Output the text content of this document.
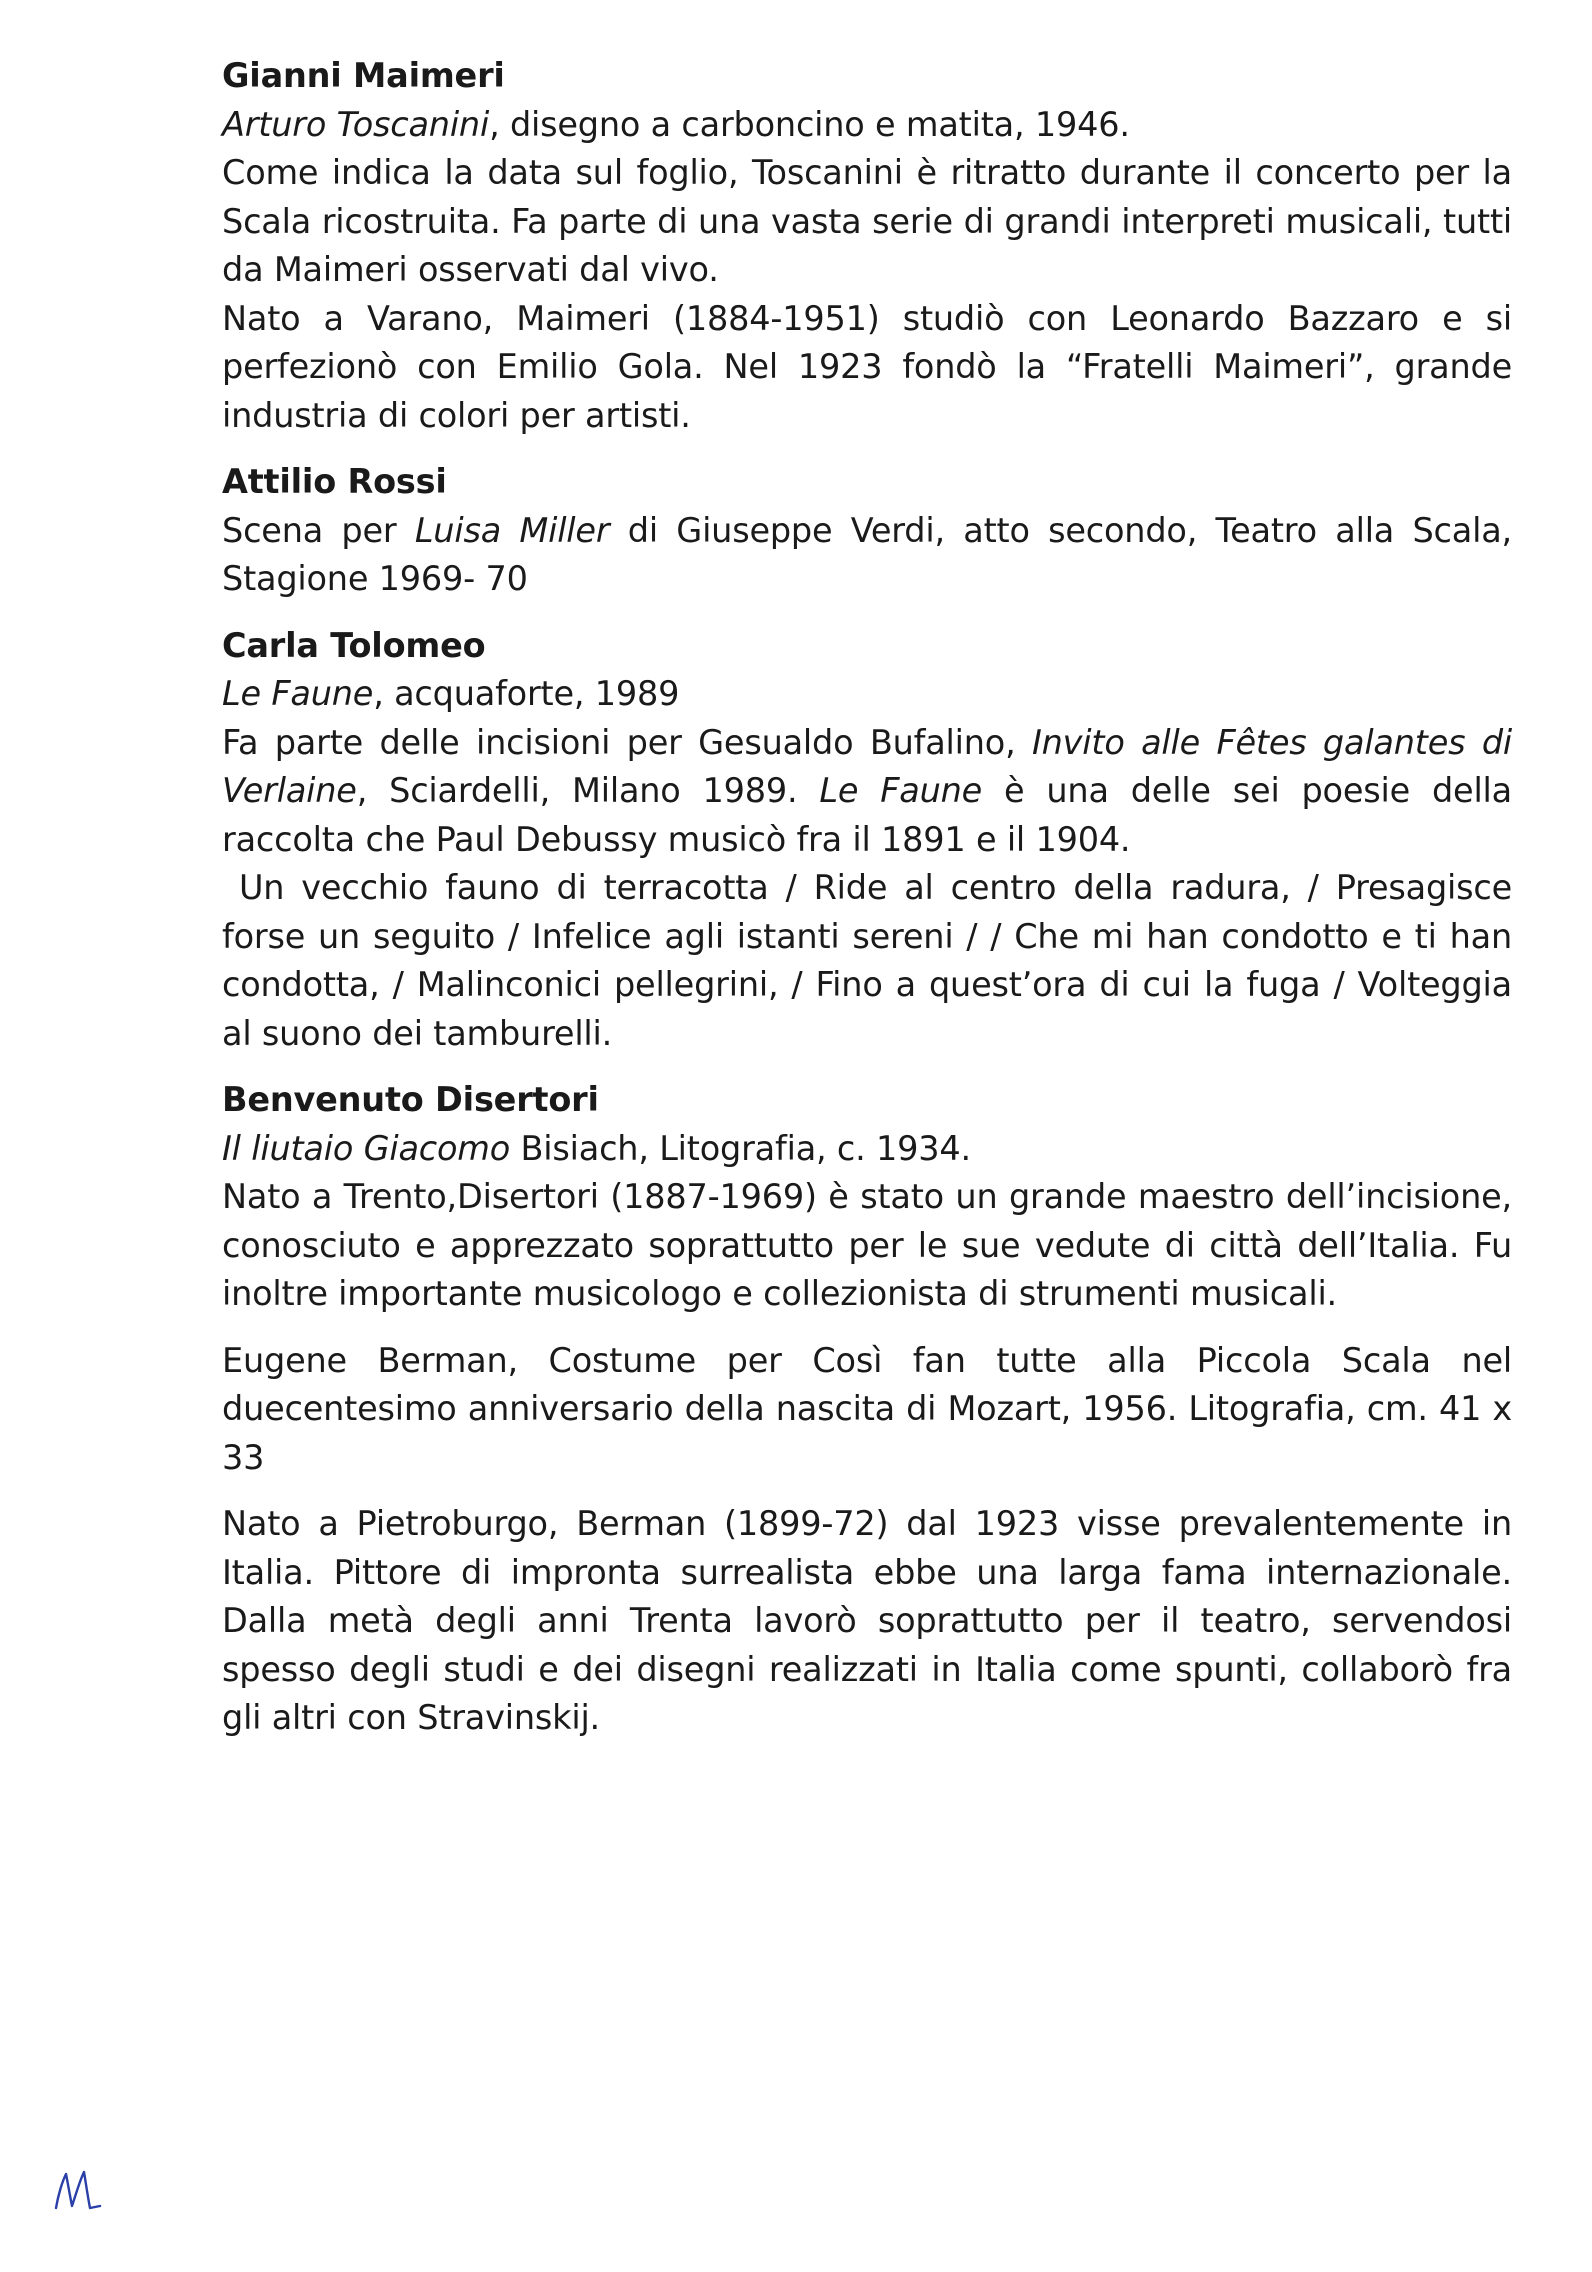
Gianni Maimeri

Arturo Toscanini, disegno a carboncino e matita, 1946.

Come indica la data sul foglio, Toscanini è ritratto durante il concerto per la Scala ricostruita. Fa parte di una vasta serie di grandi interpreti musicali, tutti da Maimeri osservati dal vivo.

Nato a Varano, Maimeri (1884-1951) studiò con Leonardo Bazzaro e si perfezionò con Emilio Gola. Nel 1923 fondò la “Fratelli Maimeri”, grande industria di colori per artisti.

Attilio Rossi

Scena per Luisa Miller di Giuseppe Verdi, atto secondo, Teatro alla Scala, Stagione 1969- 70

Carla Tolomeo

Le Faune, acquaforte, 1989

Fa parte delle incisioni per Gesualdo Bufalino, Invito alle Fêtes galantes di Verlaine, Sciardelli, Milano 1989. Le Faune è una delle sei poesie della raccolta che Paul Debussy musicò fra il 1891 e il 1904.

Un vecchio fauno di terracotta / Ride al centro della radura, / Presagisce forse un seguito / Infelice agli istanti sereni / / Che mi han condotto e ti han condotta, / Malinconici pellegrini, / Fino a quest’ora di cui la fuga / Volteggia al suono dei tamburelli.

Benvenuto Disertori

Il liutaio Giacomo Bisiach, Litografia, c. 1934.

Nato a Trento,Disertori (1887-1969) è stato un grande maestro dell’incisione, conosciuto e apprezzato soprattutto per le sue vedute di città dell’Italia. Fu inoltre importante musicologo e collezionista di strumenti musicali.

Eugene Berman, Costume per Così fan tutte alla Piccola Scala nel duecentesimo anniversario della nascita di Mozart, 1956. Litografia, cm. 41 x 33

Nato a Pietroburgo, Berman (1899-72) dal 1923 visse prevalentemente in Italia. Pittore di impronta surrealista ebbe una larga fama internazionale. Dalla metà degli anni Trenta lavorò soprattutto per il teatro, servendosi spesso degli studi e dei disegni realizzati in Italia come spunti, collaborò fra gli altri con Stravinskij.
